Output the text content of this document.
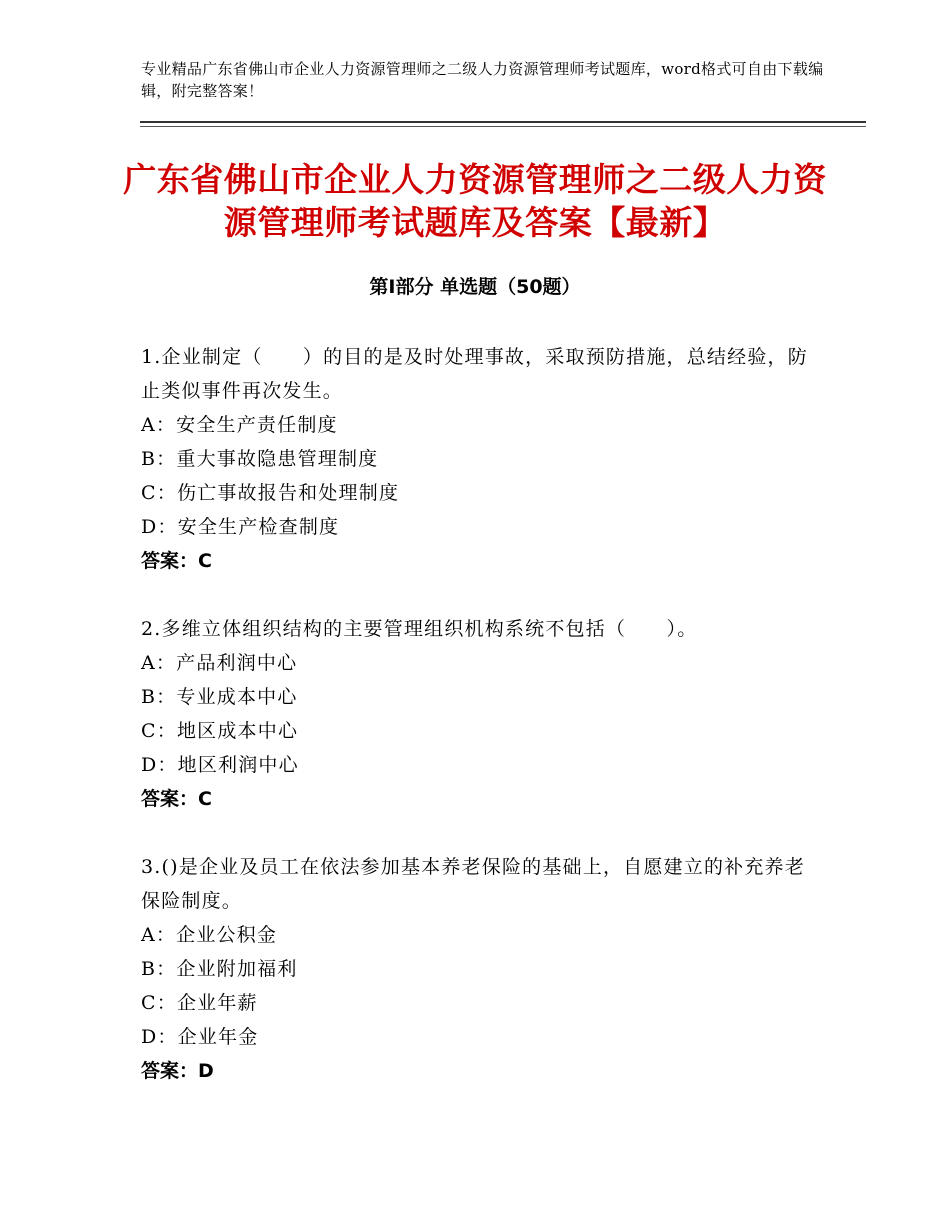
专业精品广东省佛山市企业人力资源管理师之二级人力资源管理师考试题库，word格式可自由下载编辑，附完整答案！
广东省佛山市企业人力资源管理师之二级人力资源管理师考试题库及答案【最新】
第Ⅰ部分 单选题（50题）
1.企业制定（　　）的目的是及时处理事故，采取预防措施，总结经验，防止类似事件再次发生。
A：安全生产责任制度
B：重大事故隐患管理制度
C：伤亡事故报告和处理制度
D：安全生产检查制度
答案：C
2.多维立体组织结构的主要管理组织机构系统不包括（　　）。
A：产品利润中心
B：专业成本中心
C：地区成本中心
D：地区利润中心
答案：C
3.()是企业及员工在依法参加基本养老保险的基础上，自愿建立的补充养老保险制度。
A：企业公积金
B：企业附加福利
C：企业年薪
D：企业年金
答案：D
